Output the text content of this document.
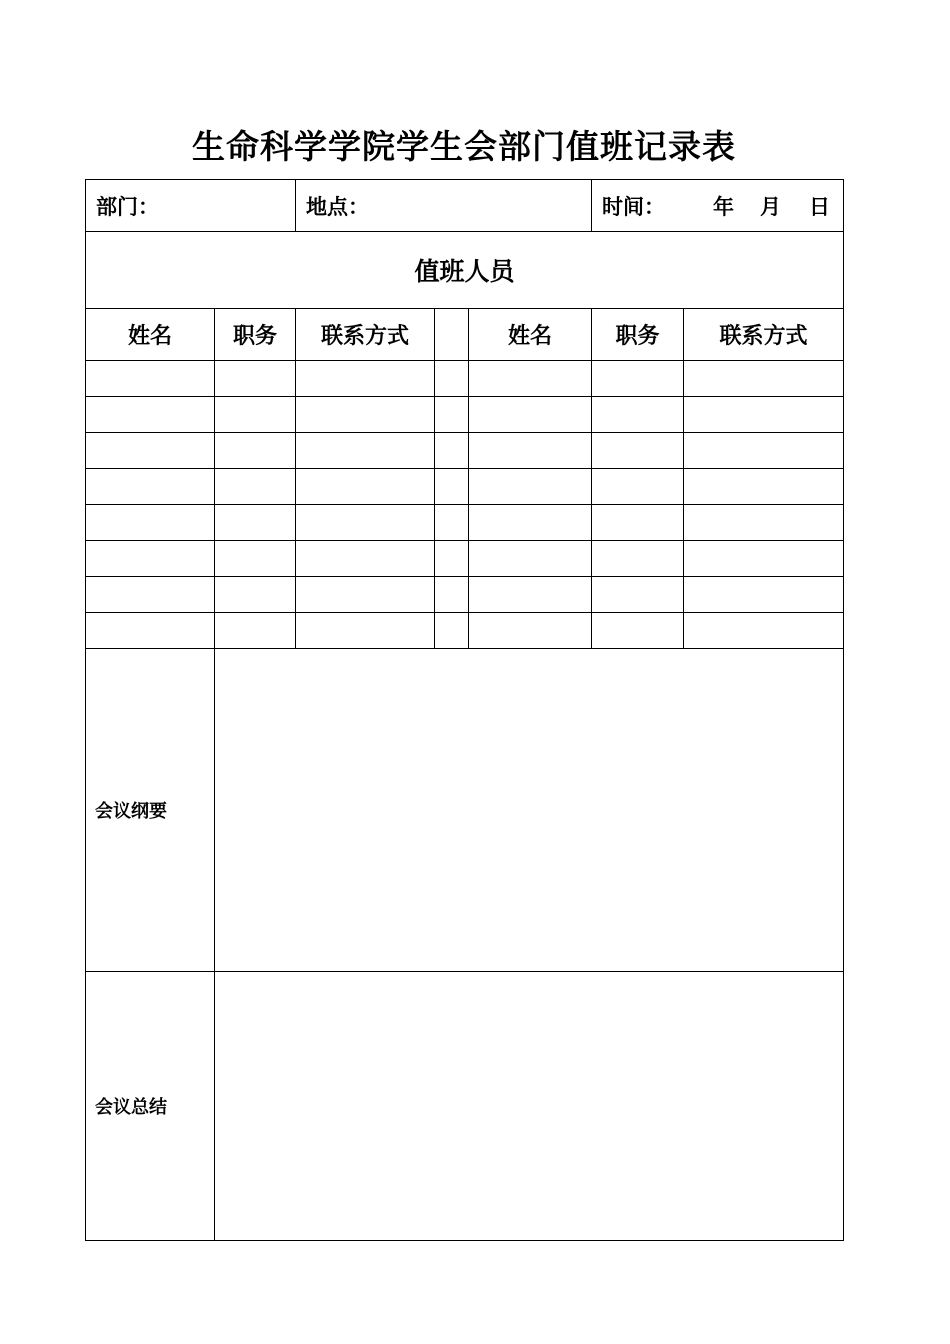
生命科学学院学生会部门值班记录表
部门：		地点：			时间： 年 月 日	
值班人员						
姓名	职务	联系方式		姓名	职务	联系方式

会议纲要						
会议总结						
